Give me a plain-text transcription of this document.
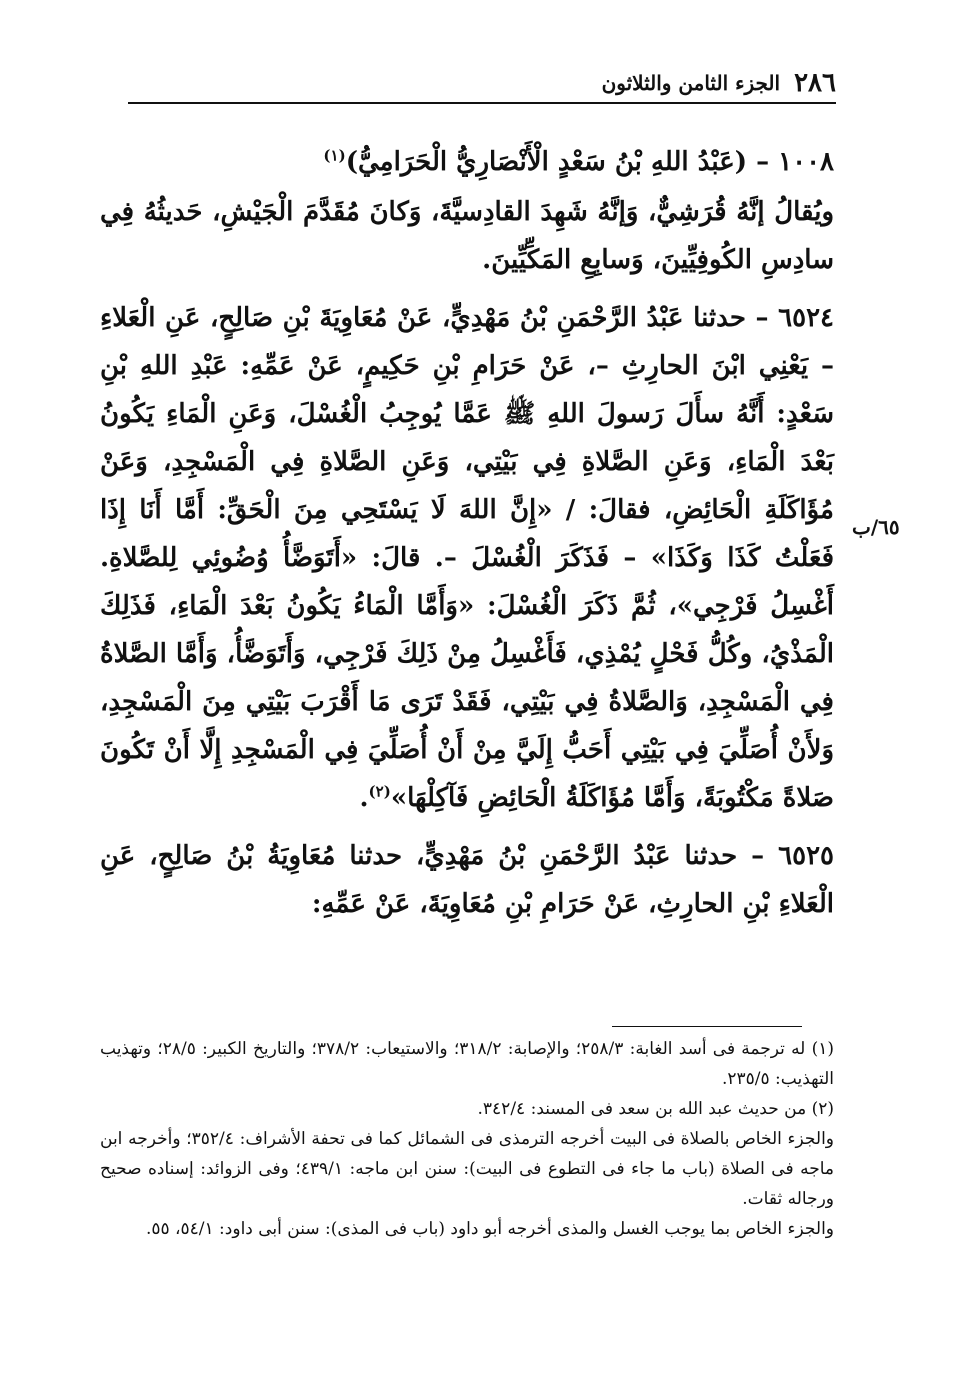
٢٨٦
الجزء الثامن والثلاثون

١٠٠٨ – (عَبْدُ اللهِ بْنُ سَعْدٍ الْأَنْصَارِيُّ الْحَرَامِيُّ)$^{(١)}$

ويُقالُ إنَّهُ قُرَشِيٌّ، وَإنَّهُ شَهِدَ القادِسيَّةَ، وَكانَ مُقَدَّمَ الْجَيْشِ، حَديثُهُ فِي سادِسِ الكُوفِيِّينَ، وَسابِعِ المَكِّيِّينَ.

٦٥٢٤ – حدثنا عَبْدُ الرَّحْمَنِ بْنُ مَهْدِيٍّ، عَنْ مُعَاوِيَةَ بْنِ صَالِحٍ، عَنِ الْعَلاءِ – يَعْنِي ابْنَ الحارِثِ –، عَنْ حَرَامِ بْنِ حَكِيمٍ، عَنْ عَمِّهِ: عَبْدِ اللهِ بْنِ سَعْدٍ: أَنَّهُ سأَلَ رَسولَ اللهِ ﷺ عَمَّا يُوجِبُ الْغُسْلَ، وَعَنِ الْمَاءِ يَكُونُ بَعْدَ الْمَاءِ، وَعَنِ الصَّلاةِ فِي بَيْتِي، وَعَنِ الصَّلاةِ فِي الْمَسْجِدِ، وَعَنْ مُؤَاكَلَةِ الْحَائِضِ، فقالَ: / «إِنَّ اللهَ لَا يَسْتَحِي مِنَ الْحَقِّ: أَمَّا أَنَا إِذَا فَعَلْتُ كَذَا وَكَذَا» – فَذَكَرَ الْغُسْلَ –. قالَ: «أَتَوَضَّأُ وُضُوئِي لِلصَّلاةِ. أَغْسِلُ فَرْجِي»، ثُمَّ ذَكَرَ الْغُسْلَ: «وَأَمَّا الْمَاءُ يَكُونُ بَعْدَ الْمَاءِ، فَذَلِكَ الْمَذْيُ، وكُلُّ فَحْلٍ يُمْذِي، فَأَغْسِلُ مِنْ ذَلِكَ فَرْجِي، وَأَتَوَضَّأُ، وَأَمَّا الصَّلاةُ فِي الْمَسْجِدِ، وَالصَّلاةُ فِي بَيْتِي، فَقَدْ تَرَى مَا أَقْرَبَ بَيْتِي مِنَ الْمَسْجِدِ، وَلأَنْ أُصَلِّيَ فِي بَيْتِي أَحَبُّ إِلَيَّ مِنْ أَنْ أُصَلِّيَ فِي الْمَسْجِدِ إِلَّا أَنْ تَكُونَ صَلاةً مَكْتُوبَةً، وَأَمَّا مُؤَاكَلَةُ الْحَائِضِ فَآكِلْهَا»$^{(٢)}$.

٦٥٢٥ – حدثنا عَبْدُ الرَّحْمَنِ بْنُ مَهْدِيٍّ، حدثنا مُعَاوِيَةُ بْنُ صَالِحٍ، عَنِ الْعَلاءِ بْنِ الحارِثِ، عَنْ حَرَامِ بْنِ مُعَاوِيَةَ، عَنْ عَمِّهِ:

٦٥/ب

(١) له ترجمة فى أسد الغابة: ٢٥٨/٣؛ والإصابة: ٣١٨/٢؛ والاستيعاب: ٣٧٨/٢؛ والتاريخ الكبير: ٢٨/٥؛ وتهذيب التهذيب: ٢٣٥/٥.

(٢) من حديث عبد الله بن سعد فى المسند: ٣٤٢/٤.

والجزء الخاص بالصلاة فى البيت أخرجه الترمذى فى الشمائل كما فى تحفة الأشراف: ٣٥٢/٤؛ وأخرجه ابن ماجه فى الصلاة (باب ما جاء فى التطوع فى البيت): سنن ابن ماجه: ٤٣٩/١؛ وفى الزوائد: إسناده صحيح ورجاله ثقات.

والجزء الخاص بما يوجب الغسل والمذى أخرجه أبو داود (باب فى المذى): سنن أبى داود: ٥٤/١، ٥٥.
